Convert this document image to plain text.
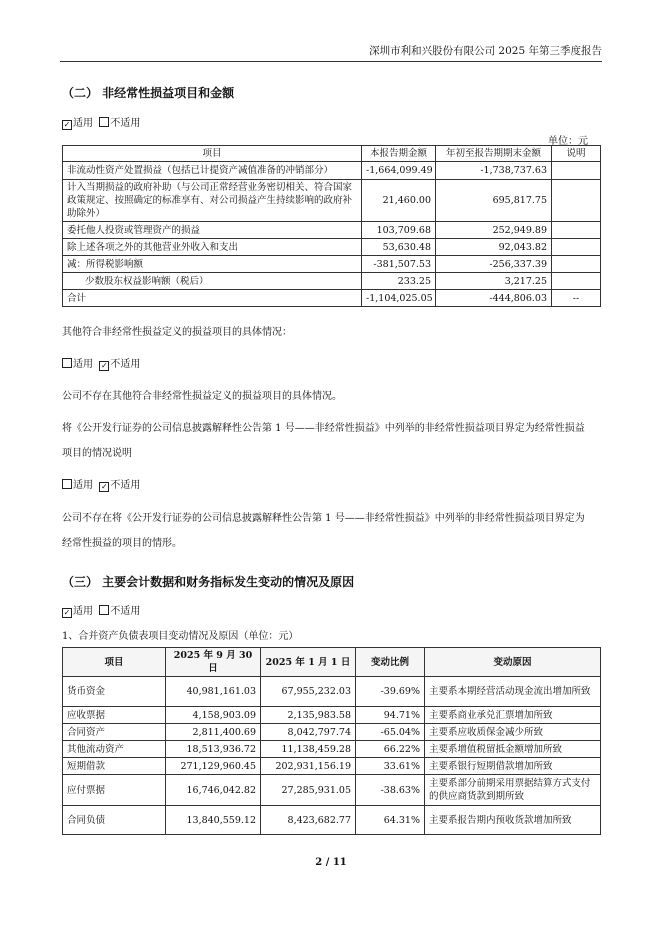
深圳市利和兴股份有限公司 2025 年第三季度报告
（二） 非经常性损益项目和金额
✓ 适用 不适用
单位：元
项目	本报告期金额	年初至报告期期末金额	说明
非流动性资产处置损益（包括已计提资产减值准备的冲销部分）	-1,664,099.49	-1,738,737.63	
计入当期损益的政府补助（与公司正常经营业务密切相关、符合国家政策规定、按照确定的标准享有、对公司损益产生持续影响的政府补助除外）	21,460.00	695,817.75	
委托他人投资或管理资产的损益	103,709.68	252,949.89	
除上述各项之外的其他营业外收入和支出	53,630.48	92,043.82	
减：所得税影响额	-381,507.53	-256,337.39	
少数股东权益影响额（税后）	233.25	3,217.25	
合计	-1,104,025.05	-444,806.03	--
其他符合非经常性损益定义的损益项目的具体情况：
适用 ✓ 不适用
公司不存在其他符合非经常性损益定义的损益项目的具体情况。
将《公开发行证券的公司信息披露解释性公告第 1 号——非经常性损益》中列举的非经常性损益项目界定为经常性损益
项目的情况说明
适用 ✓ 不适用
公司不存在将《公开发行证券的公司信息披露解释性公告第 1 号——非经常性损益》中列举的非经常性损益项目界定为
经常性损益的项目的情形。
（三） 主要会计数据和财务指标发生变动的情况及原因
✓ 适用 不适用
1、合并资产负债表项目变动情况及原因（单位：元）
项目	2025 年 9 月 30 日	2025 年 1 月 1 日	变动比例	变动原因
货币资金	40,981,161.03	67,955,232.03	-39.69%	主要系本期经营活动现金流出增加所致
应收票据	4,158,903.09	2,135,983.58	94.71%	主要系商业承兑汇票增加所致
合同资产	2,811,400.69	8,042,797.74	-65.04%	主要系应收质保金减少所致
其他流动资产	18,513,936.72	11,138,459.28	66.22%	主要系增值税留抵金额增加所致
短期借款	271,129,960.45	202,931,156.19	33.61%	主要系银行短期借款增加所致
应付票据	16,746,042.82	27,285,931.05	-38.63%	主要系部分前期采用票据结算方式支付的供应商货款到期所致
合同负债	13,840,559.12	8,423,682.77	64.31%	主要系报告期内预收货款增加所致
2 / 11
